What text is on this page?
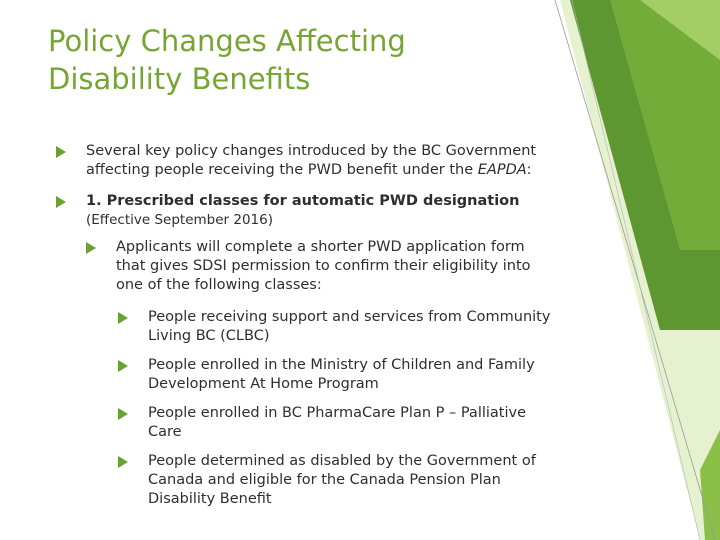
Policy Changes Affecting Disability Benefits
Several key policy changes introduced by the BC Government affecting people receiving the PWD benefit under the EAPDA:
1. Prescribed classes for automatic PWD designation
(Effective September 2016)
Applicants will complete a shorter PWD application form that gives SDSI permission to confirm their eligibility into one of the following classes:
People receiving support and services from Community Living BC (CLBC)
People enrolled in the Ministry of Children and Family Development At Home Program
People enrolled in BC PharmaCare Plan P – Palliative Care
People determined as disabled by the Government of Canada and eligible for the Canada Pension Plan Disability Benefit
